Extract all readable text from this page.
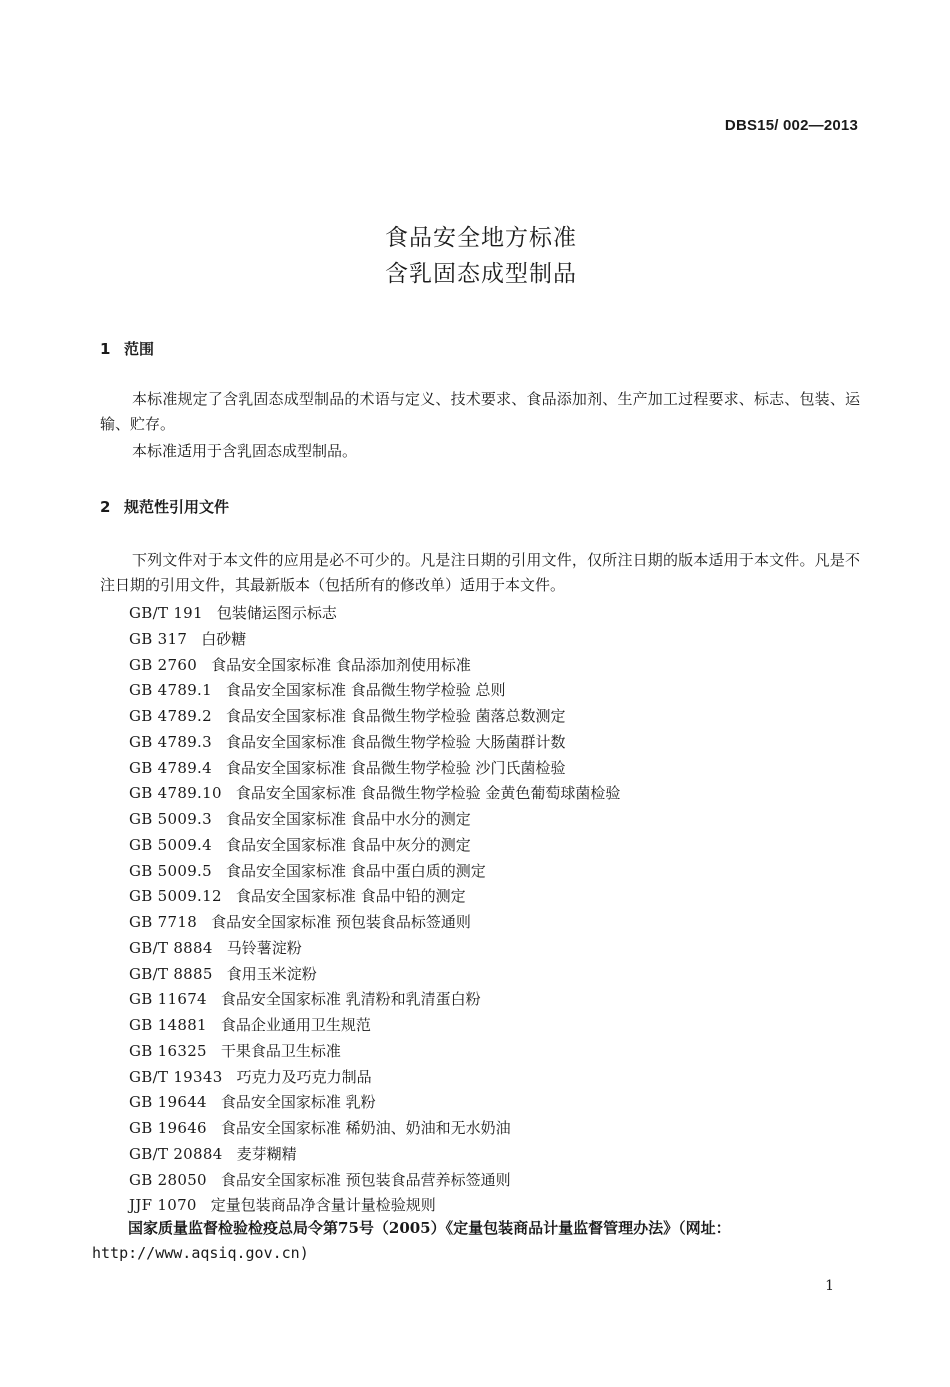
DBS15/ 002—2013
食品安全地方标准
含乳固态成型制品
1 范围
本标准规定了含乳固态成型制品的术语与定义、技术要求、食品添加剂、生产加工过程要求、标志、包装、运输、贮存。
本标准适用于含乳固态成型制品。
2 规范性引用文件
下列文件对于本文件的应用是必不可少的。凡是注日期的引用文件，仅所注日期的版本适用于本文件。凡是不注日期的引用文件，其最新版本（包括所有的修改单）适用于本文件。
GB/T 191 包装储运图示标志
GB 317 白砂糖
GB 2760 食品安全国家标准 食品添加剂使用标准
GB 4789.1 食品安全国家标准 食品微生物学检验 总则
GB 4789.2 食品安全国家标准 食品微生物学检验 菌落总数测定
GB 4789.3 食品安全国家标准 食品微生物学检验 大肠菌群计数
GB 4789.4 食品安全国家标准 食品微生物学检验 沙门氏菌检验
GB 4789.10 食品安全国家标准 食品微生物学检验 金黄色葡萄球菌检验
GB 5009.3 食品安全国家标准 食品中水分的测定
GB 5009.4 食品安全国家标准 食品中灰分的测定
GB 5009.5 食品安全国家标准 食品中蛋白质的测定
GB 5009.12 食品安全国家标准 食品中铅的测定
GB 7718 食品安全国家标准 预包装食品标签通则
GB/T 8884 马铃薯淀粉
GB/T 8885 食用玉米淀粉
GB 11674 食品安全国家标准 乳清粉和乳清蛋白粉
GB 14881 食品企业通用卫生规范
GB 16325 干果食品卫生标准
GB/T 19343 巧克力及巧克力制品
GB 19644 食品安全国家标准 乳粉
GB 19646 食品安全国家标准 稀奶油、奶油和无水奶油
GB/T 20884 麦芽糊精
GB 28050 食品安全国家标准 预包装食品营养标签通则
JJF 1070 定量包装商品净含量计量检验规则
国家质量监督检验检疫总局令第75号（2005）《定量包装商品计量监督管理办法》（网址：
http://www.aqsiq.gov.cn)
1
